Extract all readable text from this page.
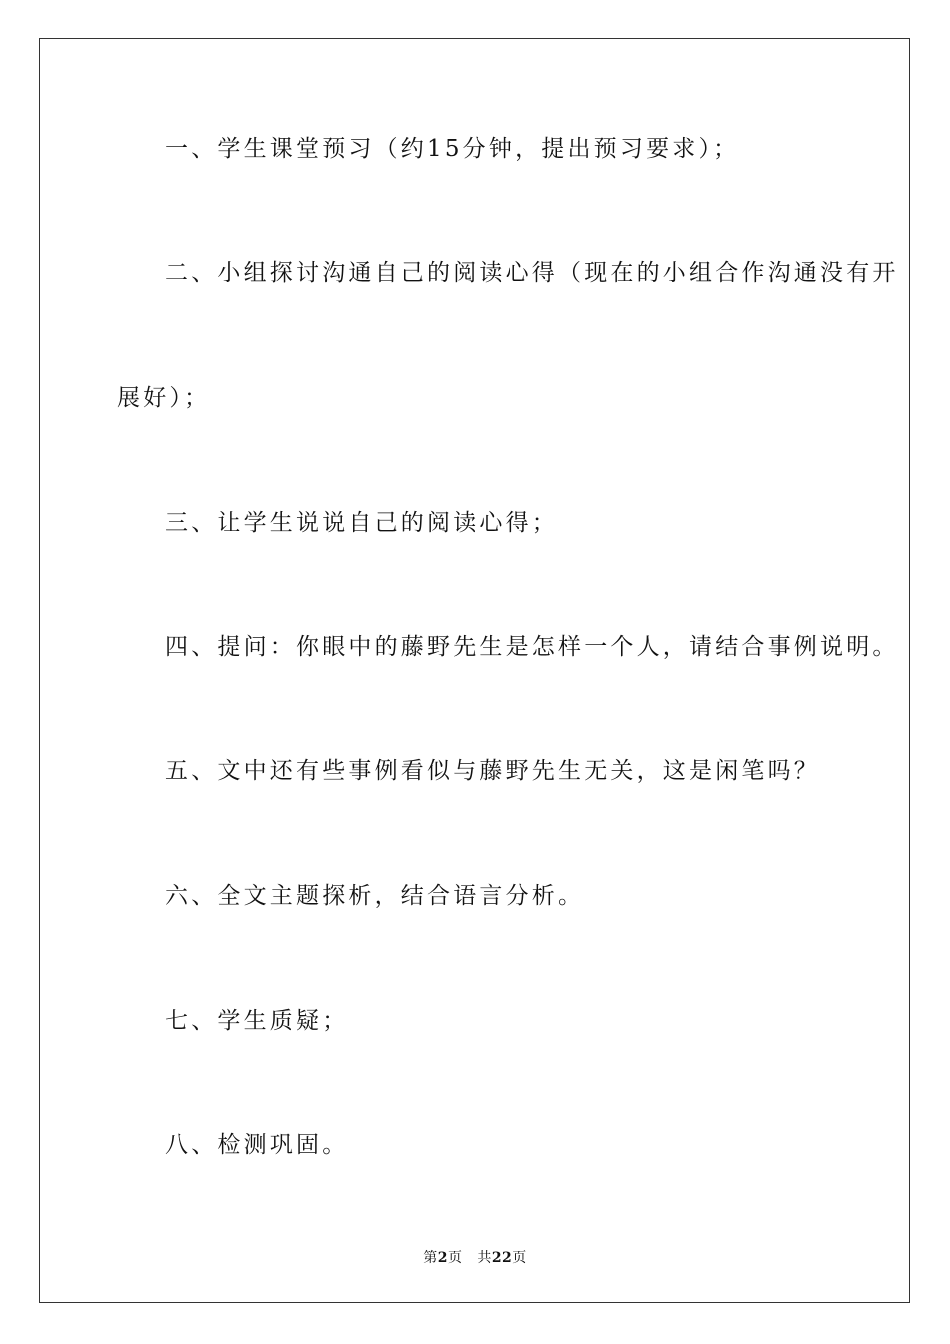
一、学生课堂预习（约15分钟，提出预习要求）；
二、小组探讨沟通自己的阅读心得（现在的小组合作沟通没有开
展好）；
三、让学生说说自己的阅读心得；
四、提问：你眼中的藤野先生是怎样一个人，请结合事例说明。
五、文中还有些事例看似与藤野先生无关，这是闲笔吗？
六、全文主题探析，结合语言分析。
七、学生质疑；
八、检测巩固。
第2页 共22页
